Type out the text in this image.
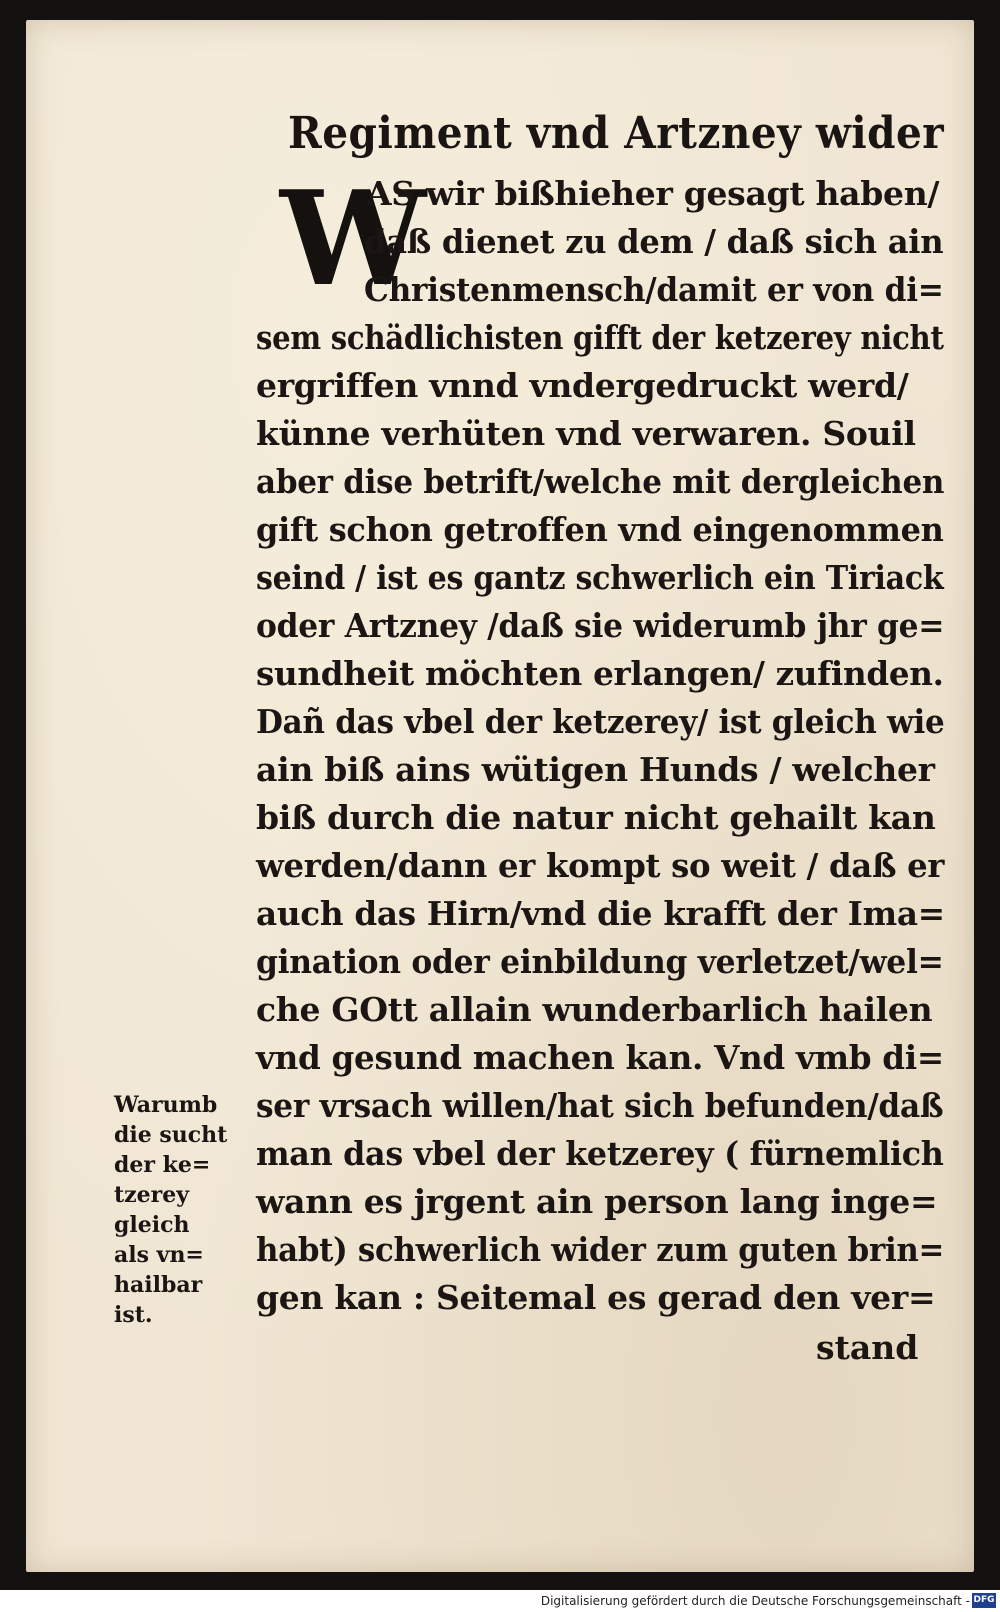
Regiment vnd Artzney wider
W
AS wir bißhieher gesagt haben/
daß dienet zu dem / daß sich ain
Christenmensch/damit er von di=
sem schädlichisten gifft der ketzerey nicht
ergriffen vnnd vndergedruckt werd/
künne verhüten vnd verwaren. Souil
aber dise betrift/welche mit dergleichen
gift schon getroffen vnd eingenommen
seind / ist es gantz schwerlich ein Tiriack
oder Artzney /daß sie widerumb jhr ge=
sundheit möchten erlangen/ zufinden.
Dañ das vbel der ketzerey/ ist gleich wie
ain biß ains wütigen Hunds / welcher
biß durch die natur nicht gehailt kan
werden/dann er kompt so weit / daß er
auch das Hirn/vnd die krafft der Ima=
gination oder einbildung verletzet/wel=
che GOtt allain wunderbarlich hailen
vnd gesund machen kan. Vnd vmb di=
ser vrsach willen/hat sich befunden/daß
man das vbel der ketzerey ( fürnemlich
wann es jrgent ain person lang inge=
habt) schwerlich wider zum guten brin=
gen kan : Seitemal es gerad den ver=
stand
Warumb
die sucht
der ke=
tzerey
gleich
als vn=
hailbar
ist.
Digitalisierung gefördert durch die Deutsche Forschungsgemeinschaft - DFG
